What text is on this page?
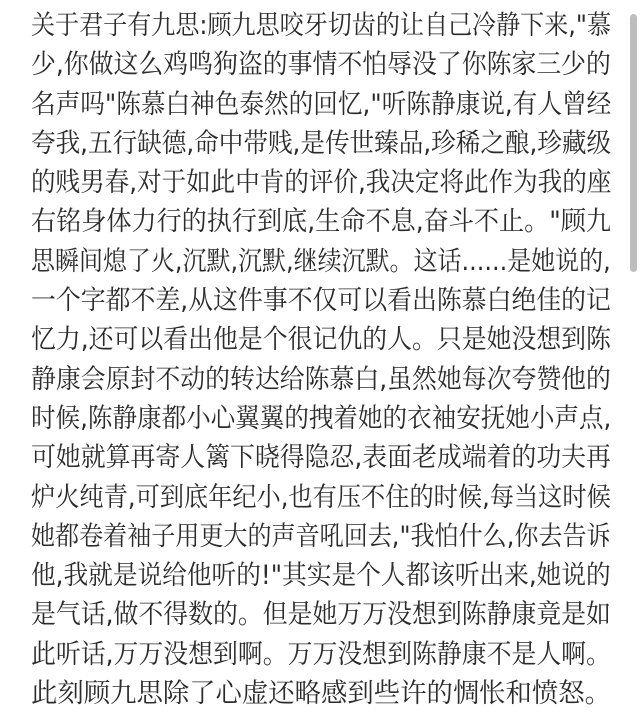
关于君子有九思:顾九思咬牙切齿的让自己冷静下来,"慕
少,你做这么鸡鸣狗盗的事情不怕辱没了你陈家三少的
名声吗"陈慕白神色泰然的回忆,"听陈静康说,有人曾经
夸我,五行缺德,命中带贱,是传世臻品,珍稀之酿,珍藏级
的贱男春,对于如此中肯的评价,我决定将此作为我的座
右铭身体力行的执行到底,生命不息,奋斗不止。"顾九
思瞬间熄了火,沉默,沉默,继续沉默。这话......是她说的,
一个字都不差,从这件事不仅可以看出陈慕白绝佳的记
忆力,还可以看出他是个很记仇的人。只是她没想到陈
静康会原封不动的转达给陈慕白,虽然她每次夸赞他的
时候,陈静康都小心翼翼的拽着她的衣袖安抚她小声点,
可她就算再寄人篱下晓得隐忍,表面老成端着的功夫再
炉火纯青,可到底年纪小,也有压不住的时候,每当这时候
她都卷着袖子用更大的声音吼回去,"我怕什么,你去告诉
他,我就是说给他听的!"其实是个人都该听出来,她说的
是气话,做不得数的。但是她万万没想到陈静康竟是如
此听话,万万没想到啊。万万没想到陈静康不是人啊。
此刻顾九思除了心虚还略感到些许的惆怅和愤怒。
